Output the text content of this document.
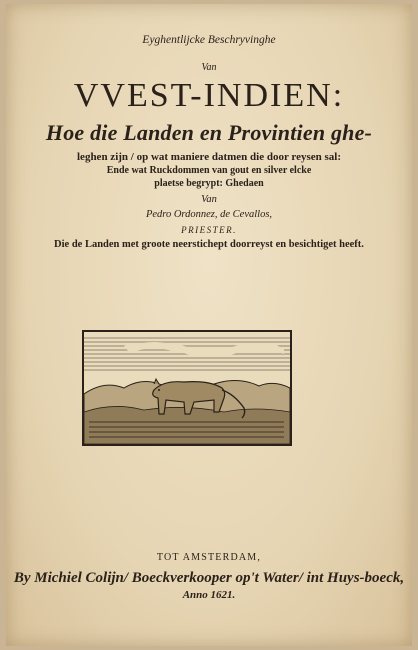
Eyghentlijcke Beschryvinghe
Van
VVEST-INDIEN:
Hoe die Landen en Provintien ghe-
leghen zijn / op wat maniere datmen die door reysen sal:
Ende wat Ruckdommen van gout en silver elcke
plaetse begrypt: Ghedaen
Van
Pedro Ordonnez, de Cevallos,
PRIESTER.
Die de Landen met groote neerstichept doorreyst en besichtiget heeft.
TOT AMSTERDAM,
By Michiel Colijn/ Boeckverkooper op't Water/ int Huys-boeck,
Anno 1621.
